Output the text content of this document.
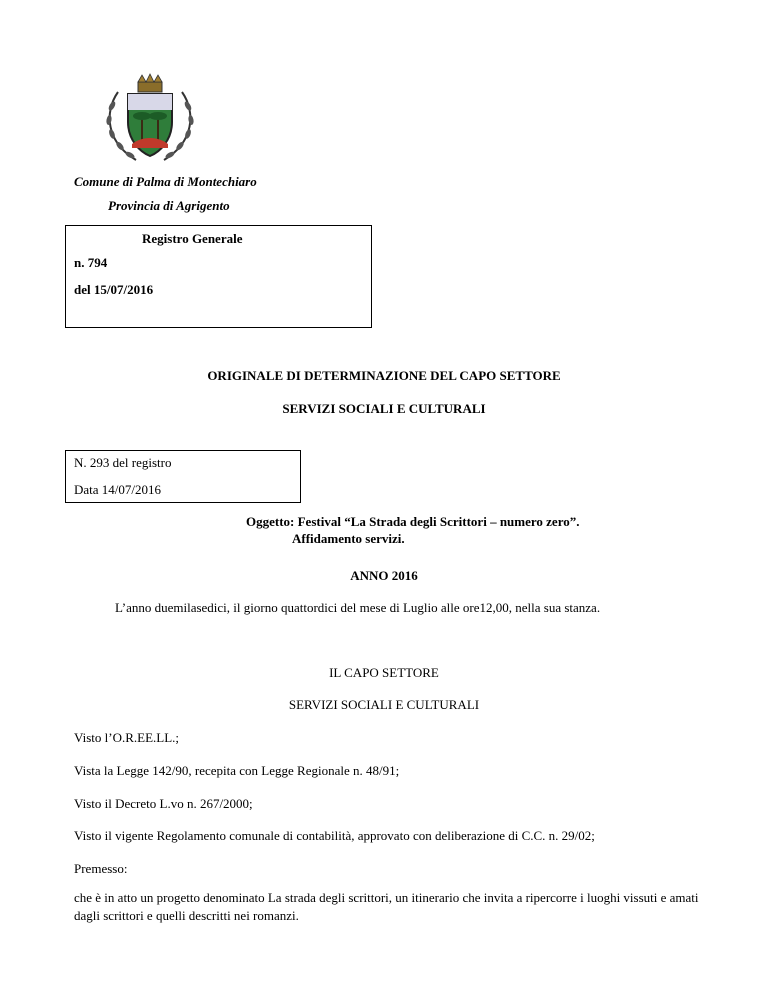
Comune di Palma di Montechiaro
Provincia di Agrigento
Registro Generale
n. 794
del 15/07/2016
ORIGINALE DI DETERMINAZIONE DEL CAPO SETTORE
SERVIZI SOCIALI E CULTURALI
N. 293 del registro
Data 14/07/2016
Oggetto: Festival “La Strada degli Scrittori – numero zero”.
Affidamento servizi.
ANNO 2016
L’anno duemilasedici, il giorno quattordici del mese di Luglio alle ore12,00, nella sua stanza.
IL CAPO SETTORE
SERVIZI SOCIALI E CULTURALI
Visto l’O.R.EE.LL.;
Vista la Legge 142/90, recepita con Legge Regionale n. 48/91;
Visto il Decreto L.vo n. 267/2000;
Visto il vigente Regolamento comunale di contabilità, approvato con deliberazione di C.C. n. 29/02;
Premesso:
che è in atto un progetto denominato La strada degli scrittori, un itinerario che invita a ripercorre i luoghi vissuti e amati
dagli scrittori e quelli descritti nei romanzi.
